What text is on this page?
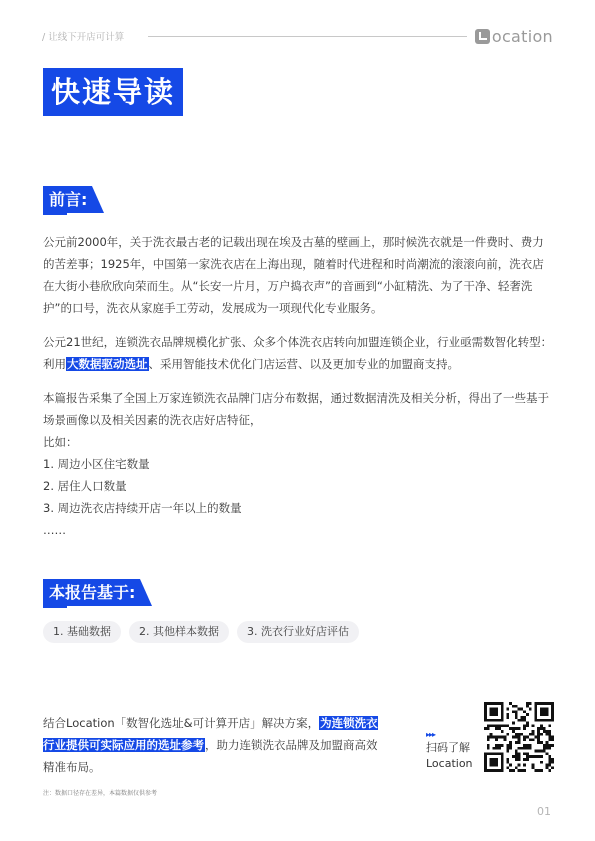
/ 让线下开店可计算	ocation
快速导读
前言:

公元前2000年，关于洗衣最古老的记载出现在埃及古墓的壁画上，那时候洗衣就是一件费时、费力的苦差事；1925年，中国第一家洗衣店在上海出现，随着时代进程和时尚潮流的滚滚向前，洗衣店在大街小巷欣欣向荣而生。从“长安一片月，万户捣衣声”的音画到“小缸精洗、为了干净、轻奢洗护”的口号，洗衣从家庭手工劳动，发展成为一项现代化专业服务。

公元21世纪，连锁洗衣品牌规模化扩张、众多个体洗衣店转向加盟连锁企业，行业亟需数智化转型：利用大数据驱动选址、采用智能技术优化门店运营、以及更加专业的加盟商支持。

本篇报告采集了全国上万家连锁洗衣品牌门店分布数据，通过数据清洗及相关分析，得出了一些基于场景画像以及相关因素的洗衣店好店特征，

比如：
1. 周边小区住宅数量
2. 居住人口数量
3. 周边洗衣店持续开店一年以上的数量
……
本报告基于:
1. 基础数据	2. 其他样本数据	3. 洗衣行业好店评估

结合Location「数智化选址&可计算开店」解决方案，为连锁洗衣行业提供可实际应用的选址参考，助力连锁洗衣品牌及加盟商高效精准布局。

▸▸▸
扫码了解
Location
注：数据口径存在差异，本篇数据仅供参考
01
